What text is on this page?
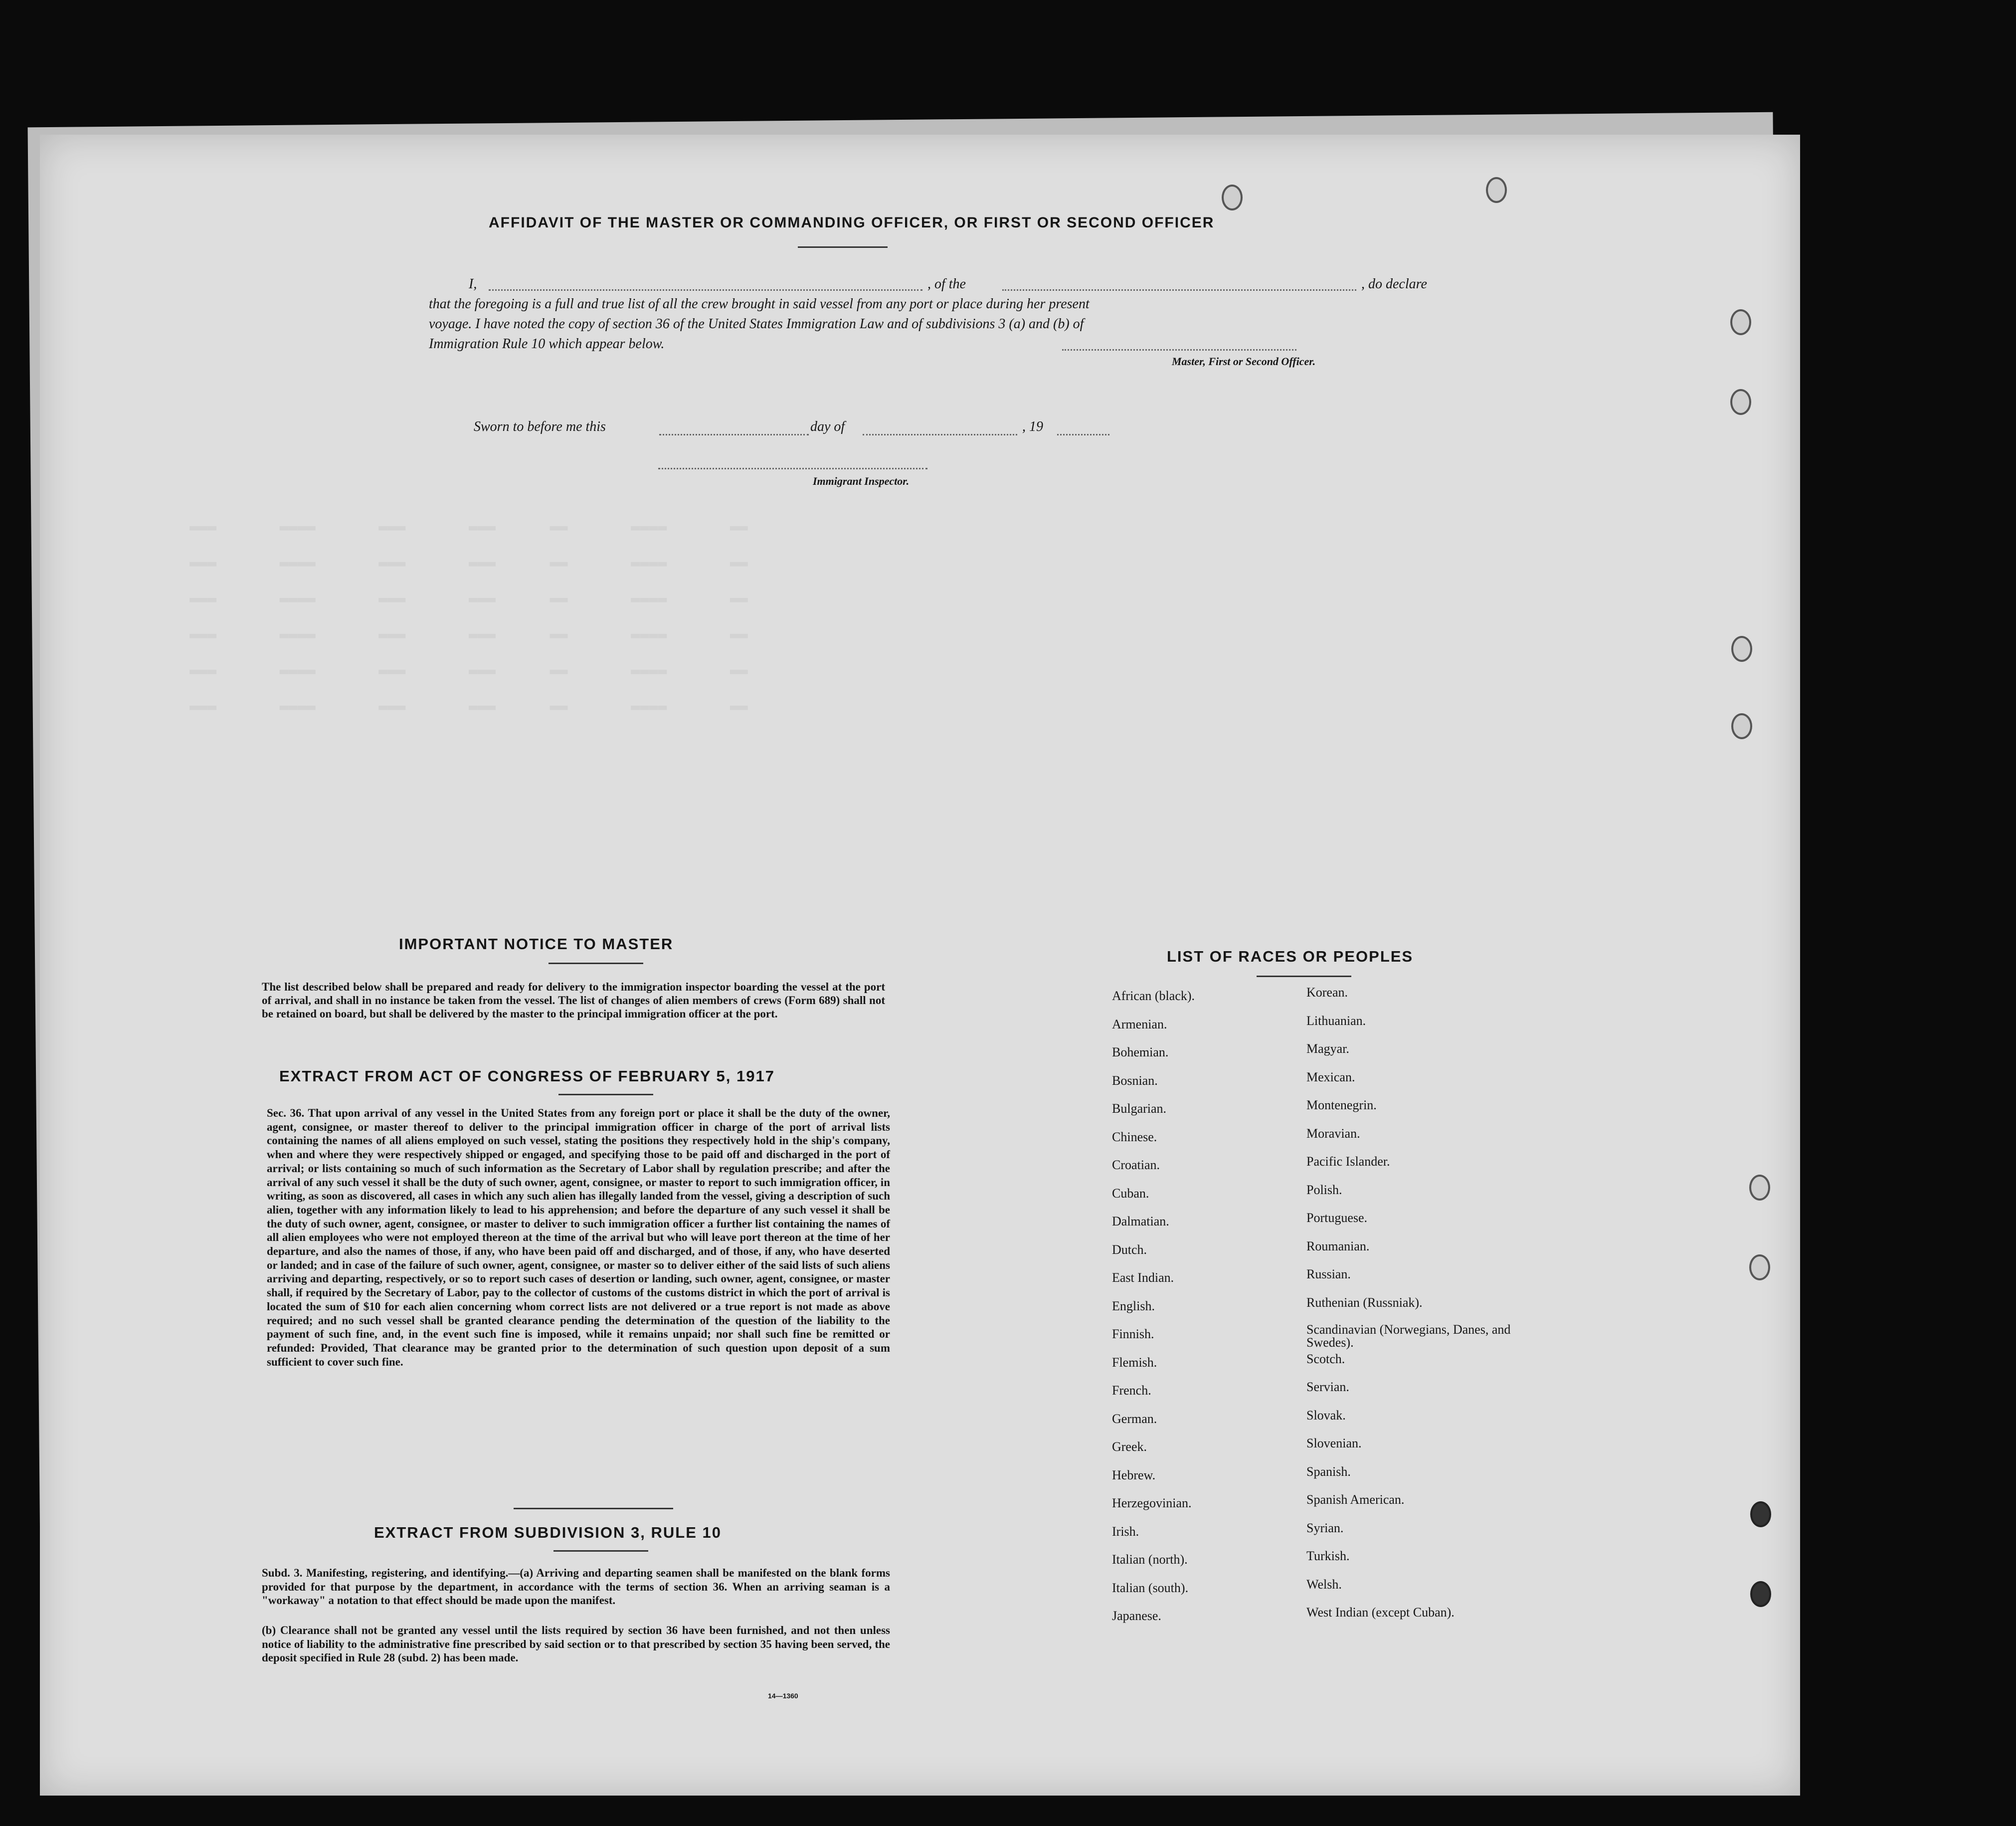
▬▬▬       ▬▬▬▬       ▬▬▬       ▬▬▬      ▬▬       ▬▬▬▬       ▬▬
▬▬▬       ▬▬▬▬       ▬▬▬       ▬▬▬      ▬▬       ▬▬▬▬       ▬▬
▬▬▬       ▬▬▬▬       ▬▬▬       ▬▬▬      ▬▬       ▬▬▬▬       ▬▬
▬▬▬       ▬▬▬▬       ▬▬▬       ▬▬▬      ▬▬       ▬▬▬▬       ▬▬
▬▬▬       ▬▬▬▬       ▬▬▬       ▬▬▬      ▬▬       ▬▬▬▬       ▬▬
▬▬▬       ▬▬▬▬       ▬▬▬       ▬▬▬      ▬▬       ▬▬▬▬       ▬▬

AFFIDAVIT OF THE MASTER OR COMMANDING OFFICER, OR FIRST OR SECOND OFFICER
I,	, of the	, do declare
that the foregoing is a full and true list of all the crew brought in said vessel from any port or place during her present
voyage. I have noted the copy of section 36 of the United States Immigration Law and of subdivisions 3 (a) and (b) of
Immigration Rule 10 which appear below.
Master, First or Second Officer.
Sworn to before me this	day of	, 19
Immigrant Inspector.
IMPORTANT NOTICE TO MASTER
The list described below shall be prepared and ready for delivery to the immigration inspector boarding the vessel at the port of arrival, and shall in no instance be taken from the vessel. The list of changes of alien members of crews (Form 689) shall not be retained on board, but shall be delivered by the master to the principal immigration officer at the port.
EXTRACT FROM ACT OF CONGRESS OF FEBRUARY 5, 1917
Sec. 36. That upon arrival of any vessel in the United States from any foreign port or place it shall be the duty of the owner, agent, consignee, or master thereof to deliver to the principal immigration officer in charge of the port of arrival lists containing the names of all aliens employed on such vessel, stating the positions they respectively hold in the ship's company, when and where they were respectively shipped or engaged, and specifying those to be paid off and discharged in the port of arrival; or lists containing so much of such information as the Secretary of Labor shall by regulation prescribe; and after the arrival of any such vessel it shall be the duty of such owner, agent, consignee, or master to report to such immigration officer, in writing, as soon as discovered, all cases in which any such alien has illegally landed from the vessel, giving a description of such alien, together with any information likely to lead to his apprehension; and before the departure of any such vessel it shall be the duty of such owner, agent, consignee, or master to deliver to such immigration officer a further list containing the names of all alien employees who were not employed thereon at the time of the arrival but who will leave port thereon at the time of her departure, and also the names of those, if any, who have been paid off and discharged, and of those, if any, who have deserted or landed; and in case of the failure of such owner, agent, consignee, or master so to deliver either of the said lists of such aliens arriving and departing, respectively, or so to report such cases of desertion or landing, such owner, agent, consignee, or master shall, if required by the Secretary of Labor, pay to the collector of customs of the customs district in which the port of arrival is located the sum of $10 for each alien concerning whom correct lists are not delivered or a true report is not made as above required; and no such vessel shall be granted clearance pending the determination of the question of the liability to the payment of such fine, and, in the event such fine is imposed, while it remains unpaid; nor shall such fine be remitted or refunded: Provided, That clearance may be granted prior to the determination of such question upon deposit of a sum sufficient to cover such fine.
EXTRACT FROM SUBDIVISION 3, RULE 10
Subd. 3. Manifesting, registering, and identifying.—(a) Arriving and departing seamen shall be manifested on the blank forms provided for that purpose by the department, in accordance with the terms of section 36. When an arriving seaman is a "workaway" a notation to that effect should be made upon the manifest.
(b) Clearance shall not be granted any vessel until the lists required by section 36 have been furnished, and not then unless notice of liability to the administrative fine prescribed by said section or to that prescribed by section 35 having been served, the deposit specified in Rule 28 (subd. 2) has been made.
14—1360
LIST OF RACES OR PEOPLES
African (black).
Armenian.
Bohemian.
Bosnian.
Bulgarian.
Chinese.
Croatian.
Cuban.
Dalmatian.
Dutch.
East Indian.
English.
Finnish.
Flemish.
French.
German.
Greek.
Hebrew.
Herzegovinian.
Irish.
Italian (north).
Italian (south).
Japanese.
Korean.
Lithuanian.
Magyar.
Mexican.
Montenegrin.
Moravian.
Pacific Islander.
Polish.
Portuguese.
Roumanian.
Russian.
Ruthenian (Russniak).
Scandinavian (Norwegians, Danes, and Swedes).
Scotch.
Servian.
Slovak.
Slovenian.
Spanish.
Spanish American.
Syrian.
Turkish.
Welsh.
West Indian (except Cuban).
